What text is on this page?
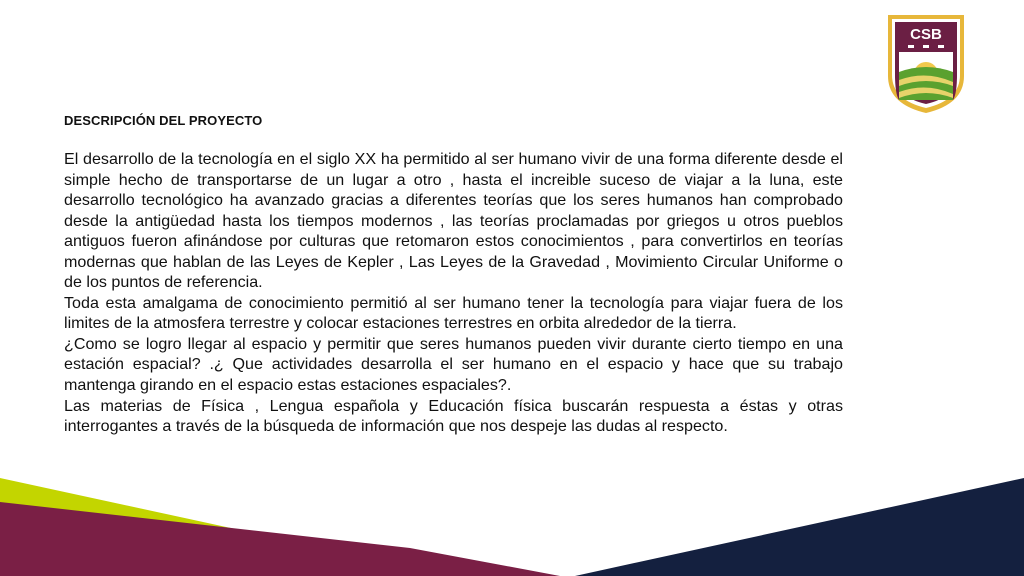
CSB
DESCRIPCIÓN DEL PROYECTO

El desarrollo de la tecnología en el siglo XX ha permitido al ser humano vivir de una forma diferente desde el simple hecho de transportarse de un lugar a otro , hasta el increible suceso de viajar a la luna, este desarrollo tecnológico ha avanzado gracias a diferentes teorías que los seres humanos han comprobado desde la antigüedad hasta los tiempos modernos , las teorías proclamadas por griegos u otros pueblos antiguos fueron afinándose por culturas que retomaron estos conocimientos , para convertirlos en teorías modernas que hablan de las Leyes de Kepler , Las Leyes de la Gravedad , Movimiento Circular Uniforme o de los puntos de referencia.

Toda esta amalgama de conocimiento permitió al ser humano tener la tecnología para viajar fuera de los limites de la atmosfera terrestre y colocar estaciones terrestres en orbita alrededor de la tierra.

¿Como se logro llegar al espacio y permitir que seres humanos pueden vivir durante cierto tiempo en una estación espacial? .¿ Que actividades desarrolla el ser humano en el espacio y hace que su trabajo mantenga girando en el espacio estas estaciones espaciales?.

Las materias de Física , Lengua española y Educación física buscarán respuesta a éstas y otras interrogantes a través de la búsqueda de información que nos despeje las dudas al respecto.
